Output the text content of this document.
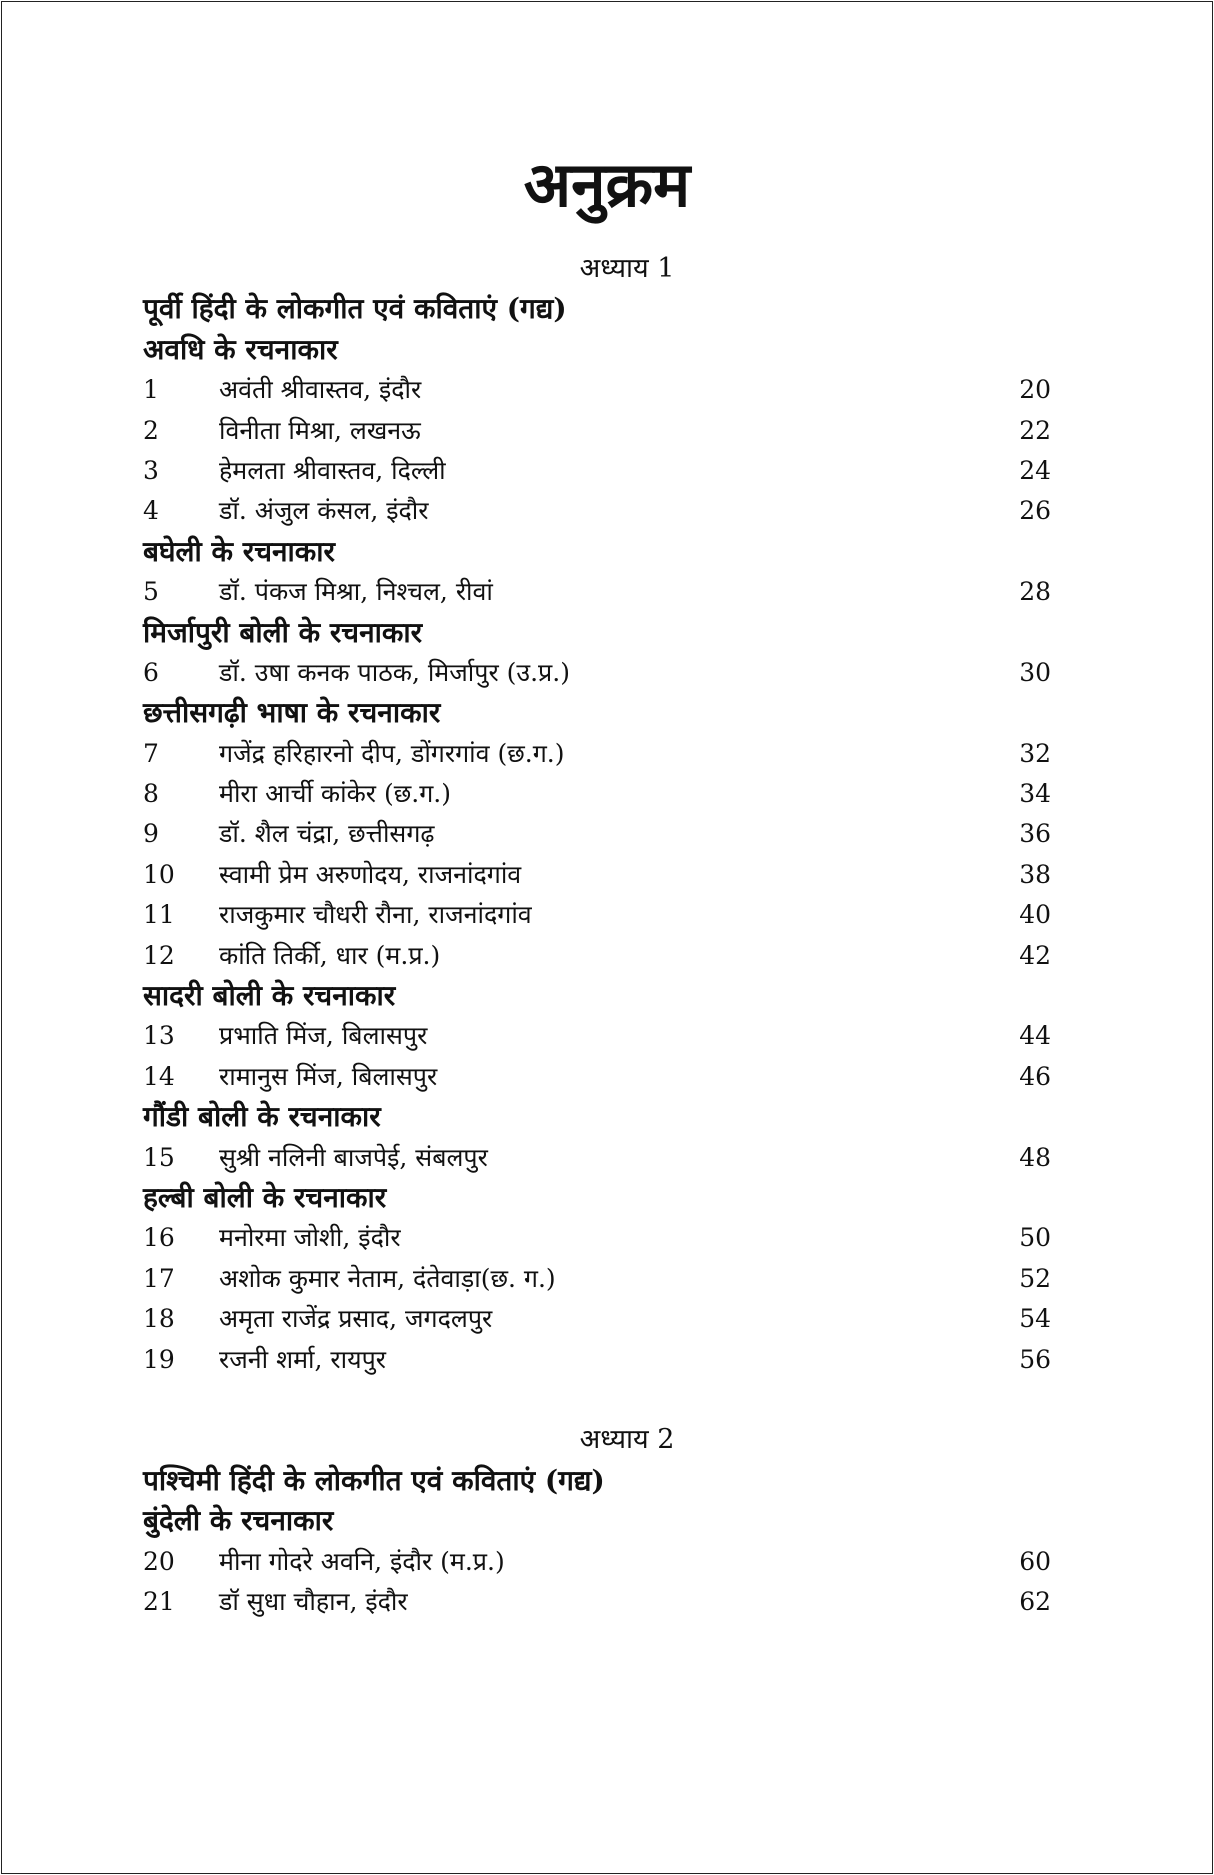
अनुक्रम
अध्याय 1
पूर्वी हिंदी के लोकगीत एवं कविताएं (गद्य)
अवधि के रचनाकार
1 अवंती श्रीवास्तव, इंदौर	20
2 विनीता मिश्रा, लखनऊ	22
3 हेमलता श्रीवास्तव, दिल्ली	24
4 डॉ. अंजुल कंसल, इंदौर	26
बघेली के रचनाकार
5 डॉ. पंकज मिश्रा, निश्चल, रीवां	28
मिर्जापुरी बोली के रचनाकार
6 डॉ. उषा कनक पाठक, मिर्जापुर (उ.प्र.)	30
छत्तीसगढ़ी भाषा के रचनाकार
7 गजेंद्र हरिहारनो दीप, डोंगरगांव (छ.ग.)	32
8 मीरा आर्ची कांकेर (छ.ग.)	34
9 डॉ. शैल चंद्रा, छत्तीसगढ़	36
10 स्वामी प्रेम अरुणोदय, राजनांदगांव	38
11 राजकुमार चौधरी रौना, राजनांदगांव	40
12 कांति तिर्की, धार (म.प्र.)	42
सादरी बोली के रचनाकार
13 प्रभाति मिंज, बिलासपुर	44
14 रामानुस मिंज, बिलासपुर	46
गौंडी बोली के रचनाकार
15 सुश्री नलिनी बाजपेई, संबलपुर	48
हल्बी बोली के रचनाकार
16 मनोरमा जोशी, इंदौर	50
17 अशोक कुमार नेताम, दंतेवाड़ा(छ. ग.)	52
18 अमृता राजेंद्र प्रसाद, जगदलपुर	54
19 रजनी शर्मा, रायपुर	56
अध्याय 2
पश्चिमी हिंदी के लोकगीत एवं कविताएं (गद्य)
बुंदेली के रचनाकार
20 मीना गोदरे अवनि, इंदौर (म.प्र.)	60
21 डॉ सुधा चौहान, इंदौर	62
